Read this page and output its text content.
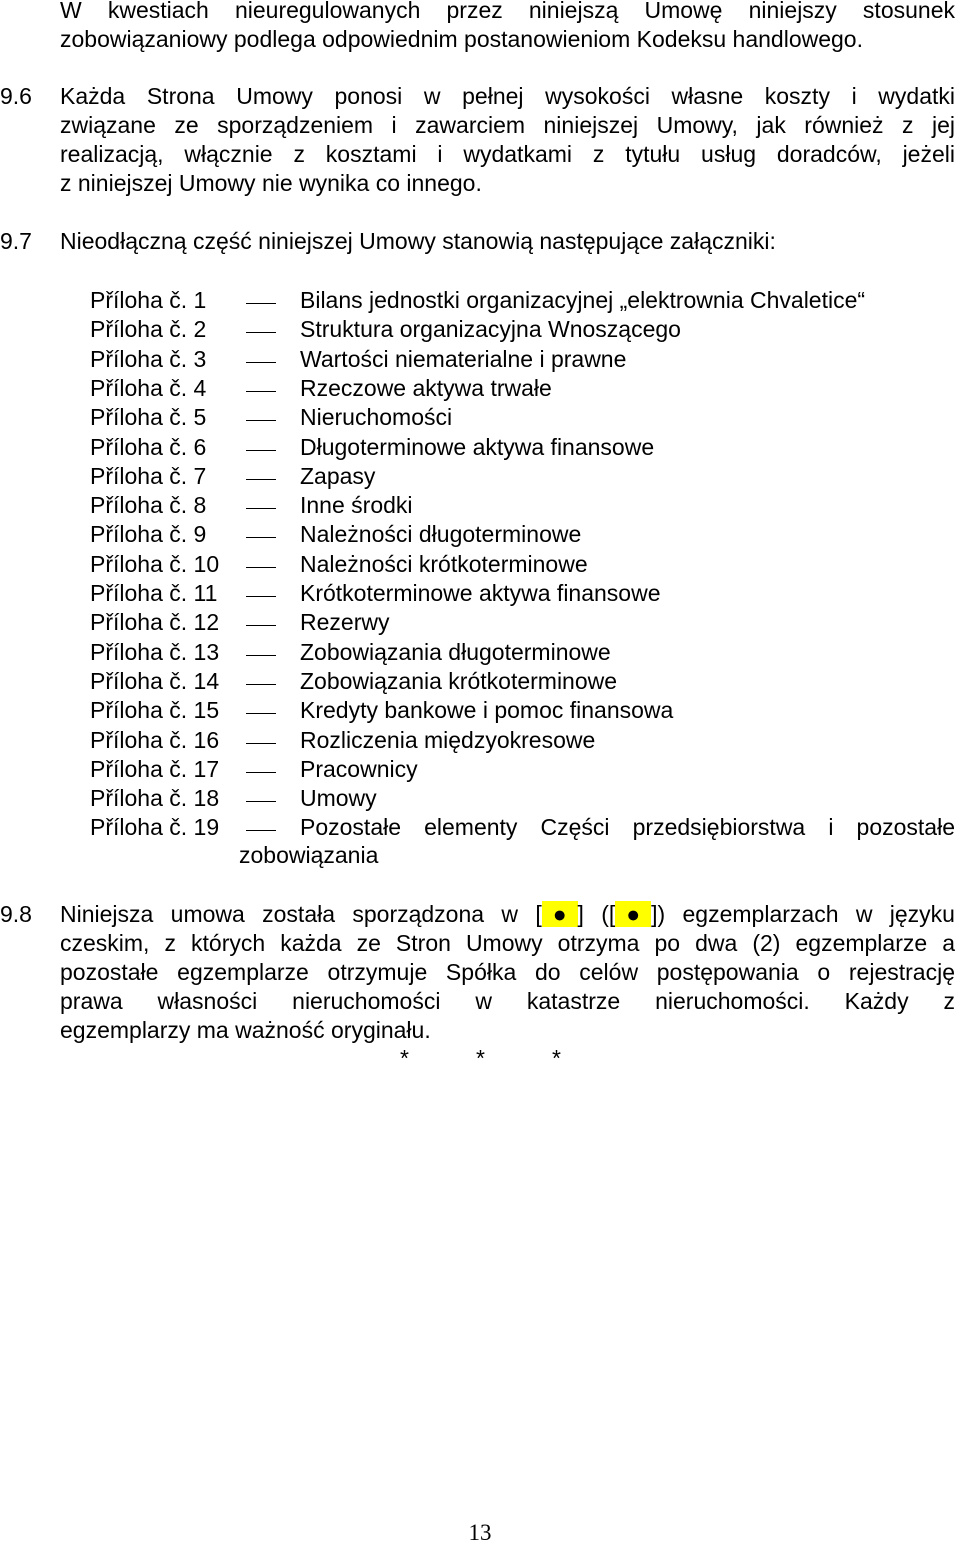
W kwestiach nieuregulowanych przez niniejszą Umowę niniejszy stosunek
zobowiązaniowy podlega odpowiednim postanowieniom Kodeksu handlowego.
9.6 Każda Strona Umowy ponosi w pełnej wysokości własne koszty i wydatki
związane ze sporządzeniem i zawarciem niniejszej Umowy, jak również z jej
realizacją, włącznie z kosztami i wydatkami z tytułu usług doradców, jeżeli
z niniejszej Umowy nie wynika co innego.
9.7 Nieodłączną część niniejszej Umowy stanowią następujące załączniki:
Příloha č. 1	Bilans jednostki organizacyjnej „elektrownia Chvaletice“
Příloha č. 2	Struktura organizacyjna Wnoszącego
Příloha č. 3	Wartości niematerialne i prawne
Příloha č. 4	Rzeczowe aktywa trwałe
Příloha č. 5	Nieruchomości
Příloha č. 6	Długoterminowe aktywa finansowe
Příloha č. 7	Zapasy
Příloha č. 8	Inne środki
Příloha č. 9	Należności długoterminowe
Příloha č. 10	Należności krótkoterminowe
Příloha č. 11	Krótkoterminowe aktywa finansowe
Příloha č. 12	Rezerwy
Příloha č. 13	Zobowiązania długoterminowe
Příloha č. 14	Zobowiązania krótkoterminowe
Příloha č. 15	Kredyty bankowe i pomoc finansowa
Příloha č. 16	Rozliczenia międzyokresowe
Příloha č. 17	Pracownicy
Příloha č. 18	Umowy
Příloha č. 19	Pozostałe elementy Części przedsiębiorstwa i pozostałe
zobowiązania
9.8 Niniejsza umowa została sporządzona w [●] ([●]) egzemplarzach w języku
czeskim, z których każda ze Stron Umowy otrzyma po dwa (2) egzemplarze a
pozostałe egzemplarze otrzymuje Spółka do celów postępowania o rejestrację
prawa własności nieruchomości w katastrze nieruchomości. Każdy z
egzemplarzy ma ważność oryginału.
*	*	*
13
